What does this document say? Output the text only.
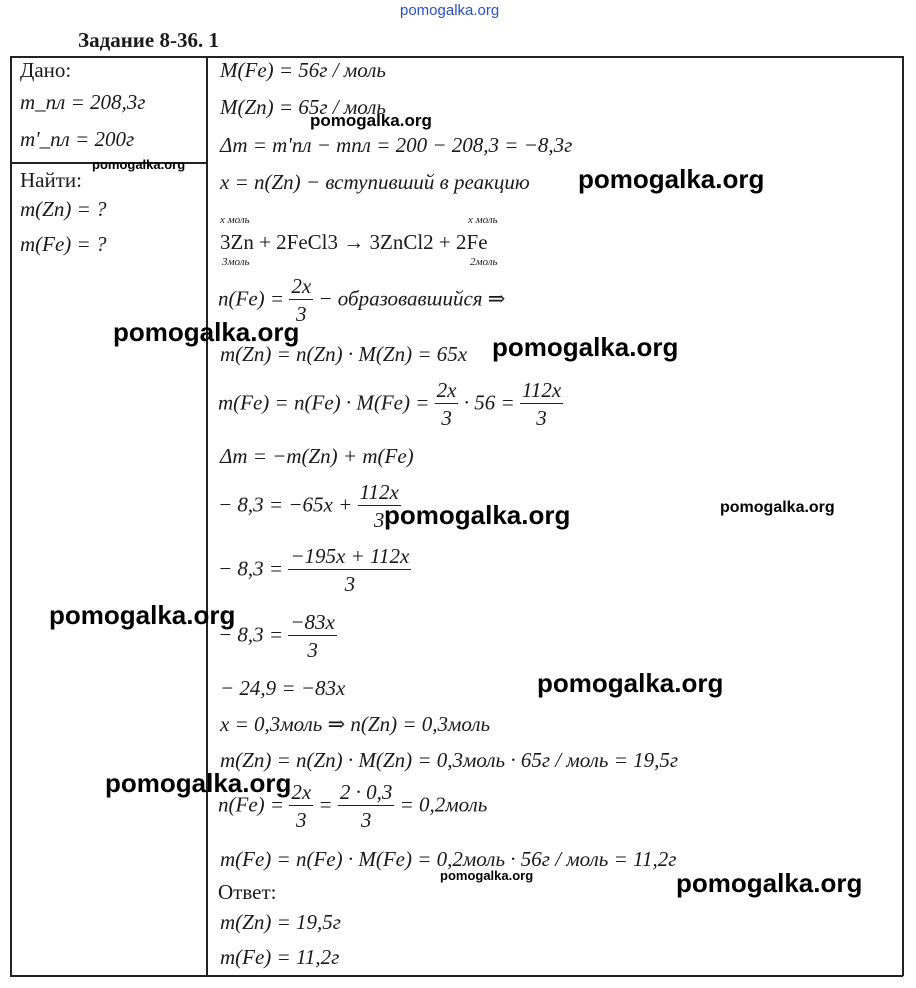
pomogalka.org
Задание 8-36. 1
Дано:
m_пл = 208,3г
m'_пл = 200г
Найти:
m(Zn) = ?
m(Fe) = ?
M(Fe) = 56г / моль
M(Zn) = 65г / моль
Δm = m'пл − mпл = 200 − 208,3 = −8,3г
x = n(Zn) − вступивший в реакцию
x моль	x моль
3Zn + 2FeCl3 → 3ZnCl2 + 2Fe
3моль	2моль
$n(Fe) = \frac{2x}{3}$ − образовавшийся ⇒
m(Zn) = n(Zn) · M(Zn) = 65x
$m(Fe) = n(Fe) \cdot M(Fe) = \frac{2x}{3} \cdot 56 = \frac{112x}{3}$
Δm = −m(Zn) + m(Fe)
− $8,3 = -65x + \frac{112x}{3}$
− $8,3 = \frac{-195x + 112x}{3}$
− $8,3 = \frac{-83x}{3}$
− 24,9 = −83x
x = 0,3моль ⇒ n(Zn) = 0,3моль
m(Zn) = n(Zn) · M(Zn) = 0,3моль · 65г / моль = 19,5г
$n(Fe) = \frac{2x}{3} = \frac{2 \cdot 0,3}{3}$ = 0,2моль
m(Fe) = n(Fe) · M(Fe) = 0,2моль · 56г / моль = 11,2г
Ответ:
m(Zn) = 19,5г
m(Fe) = 11,2г
pomogalka.org
pomogalka.org	pomogalka.org
pomogalka.org	pomogalka.org
pomogalka.org	pomogalka.org
pomogalka.org
pomogalka.org
pomogalka.org
pomogalka.org	pomogalka.org
